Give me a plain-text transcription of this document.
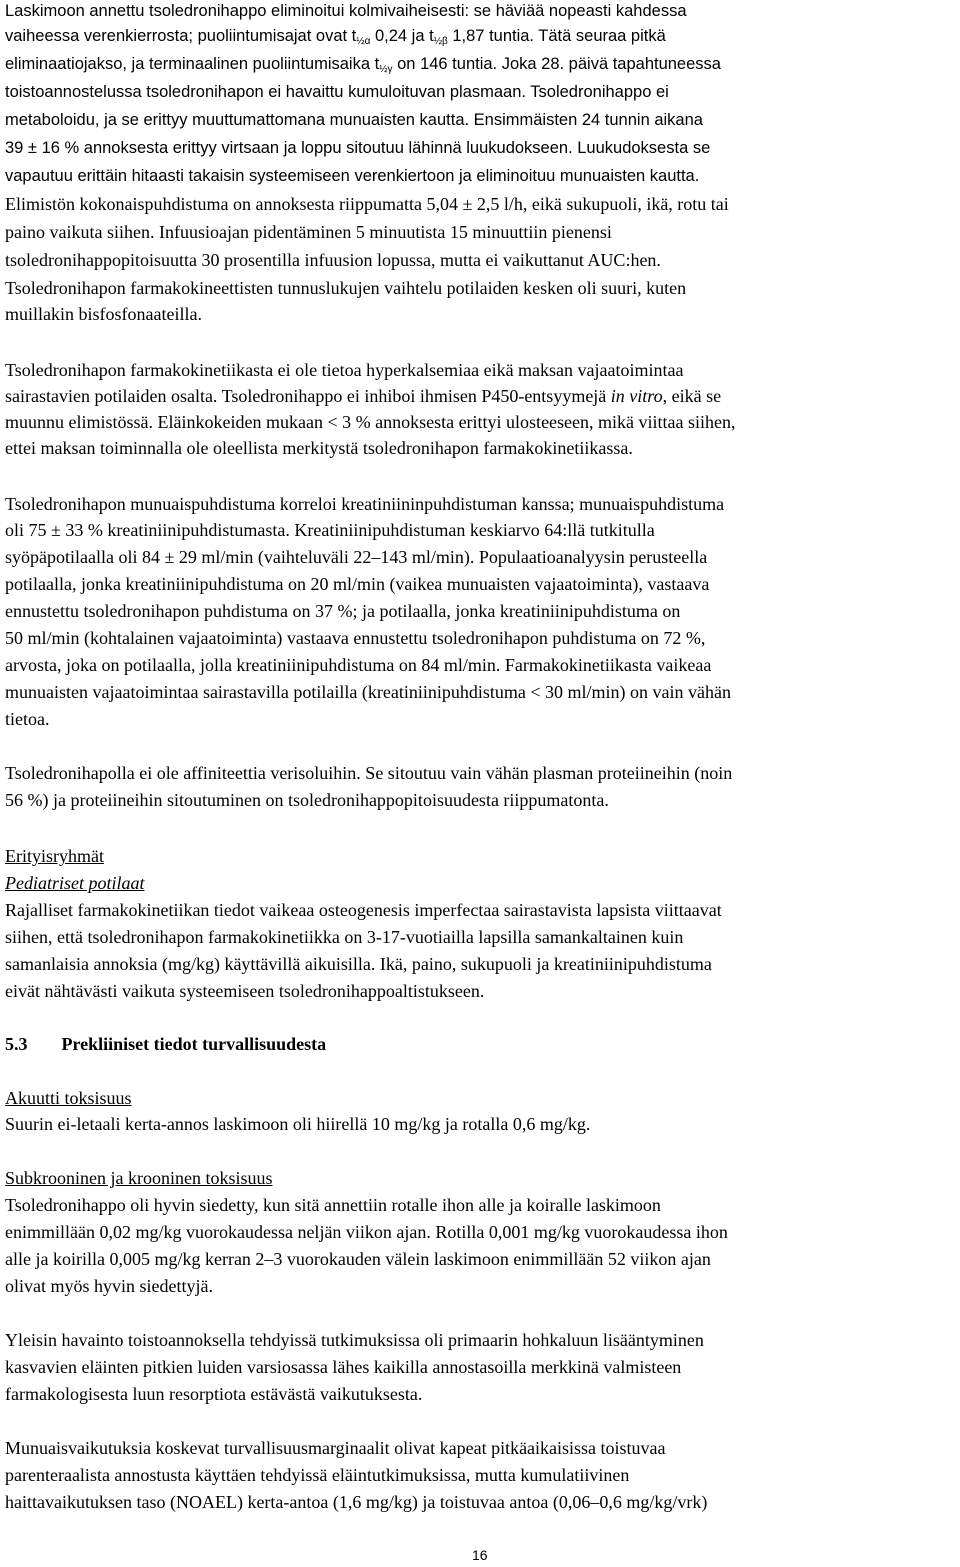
Laskimoon annettu tsoledronihappo eliminoitui kolmivaiheisesti: se häviää nopeasti kahdessa
vaiheessa verenkierrosta; puoliintumisajat ovat $t_{\frac{1}{2}\alpha}$ 0,24 ja $t_{\frac{1}{2}\beta}$ 1,87 tuntia. Tätä seuraa pitkä
eliminaatiojakso, ja terminaalinen puoliintumisaika $t_{\frac{1}{2}\gamma}$ on 146 tuntia. Joka 28. päivä tapahtuneessa
toistoannostelussa tsoledronihapon ei havaittu kumuloituvan plasmaan. Tsoledronihappo ei
metaboloidu, ja se erittyy muuttumattomana munuaisten kautta. Ensimmäisten 24 tunnin aikana
39 ± 16 % annoksesta erittyy virtsaan ja loppu sitoutuu lähinnä luukudokseen. Luukudoksesta se
vapautuu erittäin hitaasti takaisin systeemiseen verenkiertoon ja eliminoituu munuaisten kautta.
Elimistön kokonaispuhdistuma on annoksesta riippumatta 5,04 ± 2,5 l/h, eikä sukupuoli, ikä, rotu tai
paino vaikuta siihen. Infuusioajan pidentäminen 5 minuutista 15 minuuttiin pienensi
tsoledronihappopitoisuutta 30 prosentilla infuusion lopussa, mutta ei vaikuttanut AUC:hen.
Tsoledronihapon farmakokineettisten tunnuslukujen vaihtelu potilaiden kesken oli suuri, kuten
muillakin bisfosfonaateilla.
Tsoledronihapon farmakokinetiikasta ei ole tietoa hyperkalsemiaa eikä maksan vajaatoimintaa
sairastavien potilaiden osalta. Tsoledronihappo ei inhiboi ihmisen P450-entsyymejä in vitro, eikä se
muunnu elimistössä. Eläinkokeiden mukaan < 3 % annoksesta erittyi ulosteeseen, mikä viittaa siihen,
ettei maksan toiminnalla ole oleellista merkitystä tsoledronihapon farmakokinetiikassa.
Tsoledronihapon munuaispuhdistuma korreloi kreatiniininpuhdistuman kanssa; munuaispuhdistuma
oli 75 ± 33 % kreatiniinipuhdistumasta. Kreatiniinipuhdistuman keskiarvo 64:llä tutkitulla
syöpäpotilaalla oli 84 ± 29 ml/min (vaihteluväli 22–143 ml/min). Populaatioanalyysin perusteella
potilaalla, jonka kreatiniinipuhdistuma on 20 ml/min (vaikea munuaisten vajaatoiminta), vastaava
ennustettu tsoledronihapon puhdistuma on 37 %; ja potilaalla, jonka kreatiniinipuhdistuma on
50 ml/min (kohtalainen vajaatoiminta) vastaava ennustettu tsoledronihapon puhdistuma on 72 %,
arvosta, joka on potilaalla, jolla kreatiniinipuhdistuma on 84 ml/min. Farmakokinetiikasta vaikeaa
munuaisten vajaatoimintaa sairastavilla potilailla (kreatiniinipuhdistuma < 30 ml/min) on vain vähän
tietoa.
Tsoledronihapolla ei ole affiniteettia verisoluihin. Se sitoutuu vain vähän plasman proteiineihin (noin
56 %) ja proteiineihin sitoutuminen on tsoledronihappopitoisuudesta riippumatonta.
Erityisryhmät
Pediatriset potilaat
Rajalliset farmakokinetiikan tiedot vaikeaa osteogenesis imperfectaa sairastavista lapsista viittaavat
siihen, että tsoledronihapon farmakokinetiikka on 3-17-vuotiailla lapsilla samankaltainen kuin
samanlaisia annoksia (mg/kg) käyttävillä aikuisilla. Ikä, paino, sukupuoli ja kreatiniinipuhdistuma
eivät nähtävästi vaikuta systeemiseen tsoledronihappoaltistukseen.
5.3 Prekliiniset tiedot turvallisuudesta
Akuutti toksisuus
Suurin ei-letaali kerta-annos laskimoon oli hiirellä 10 mg/kg ja rotalla 0,6 mg/kg.
Subkrooninen ja krooninen toksisuus
Tsoledronihappo oli hyvin siedetty, kun sitä annettiin rotalle ihon alle ja koiralle laskimoon
enimmillään 0,02 mg/kg vuorokaudessa neljän viikon ajan. Rotilla 0,001 mg/kg vuorokaudessa ihon
alle ja koirilla 0,005 mg/kg kerran 2–3 vuorokauden välein laskimoon enimmillään 52 viikon ajan
olivat myös hyvin siedettyjä.
Yleisin havainto toistoannoksella tehdyissä tutkimuksissa oli primaarin hohkaluun lisääntyminen
kasvavien eläinten pitkien luiden varsiosassa lähes kaikilla annostasoilla merkkinä valmisteen
farmakologisesta luun resorptiota estävästä vaikutuksesta.
Munuaisvaikutuksia koskevat turvallisuusmarginaalit olivat kapeat pitkäaikaisissa toistuvaa
parenteraalista annostusta käyttäen tehdyissä eläintutkimuksissa, mutta kumulatiivinen
haittavaikutuksen taso (NOAEL) kerta-antoa (1,6 mg/kg) ja toistuvaa antoa (0,06–0,6 mg/kg/vrk)
16
